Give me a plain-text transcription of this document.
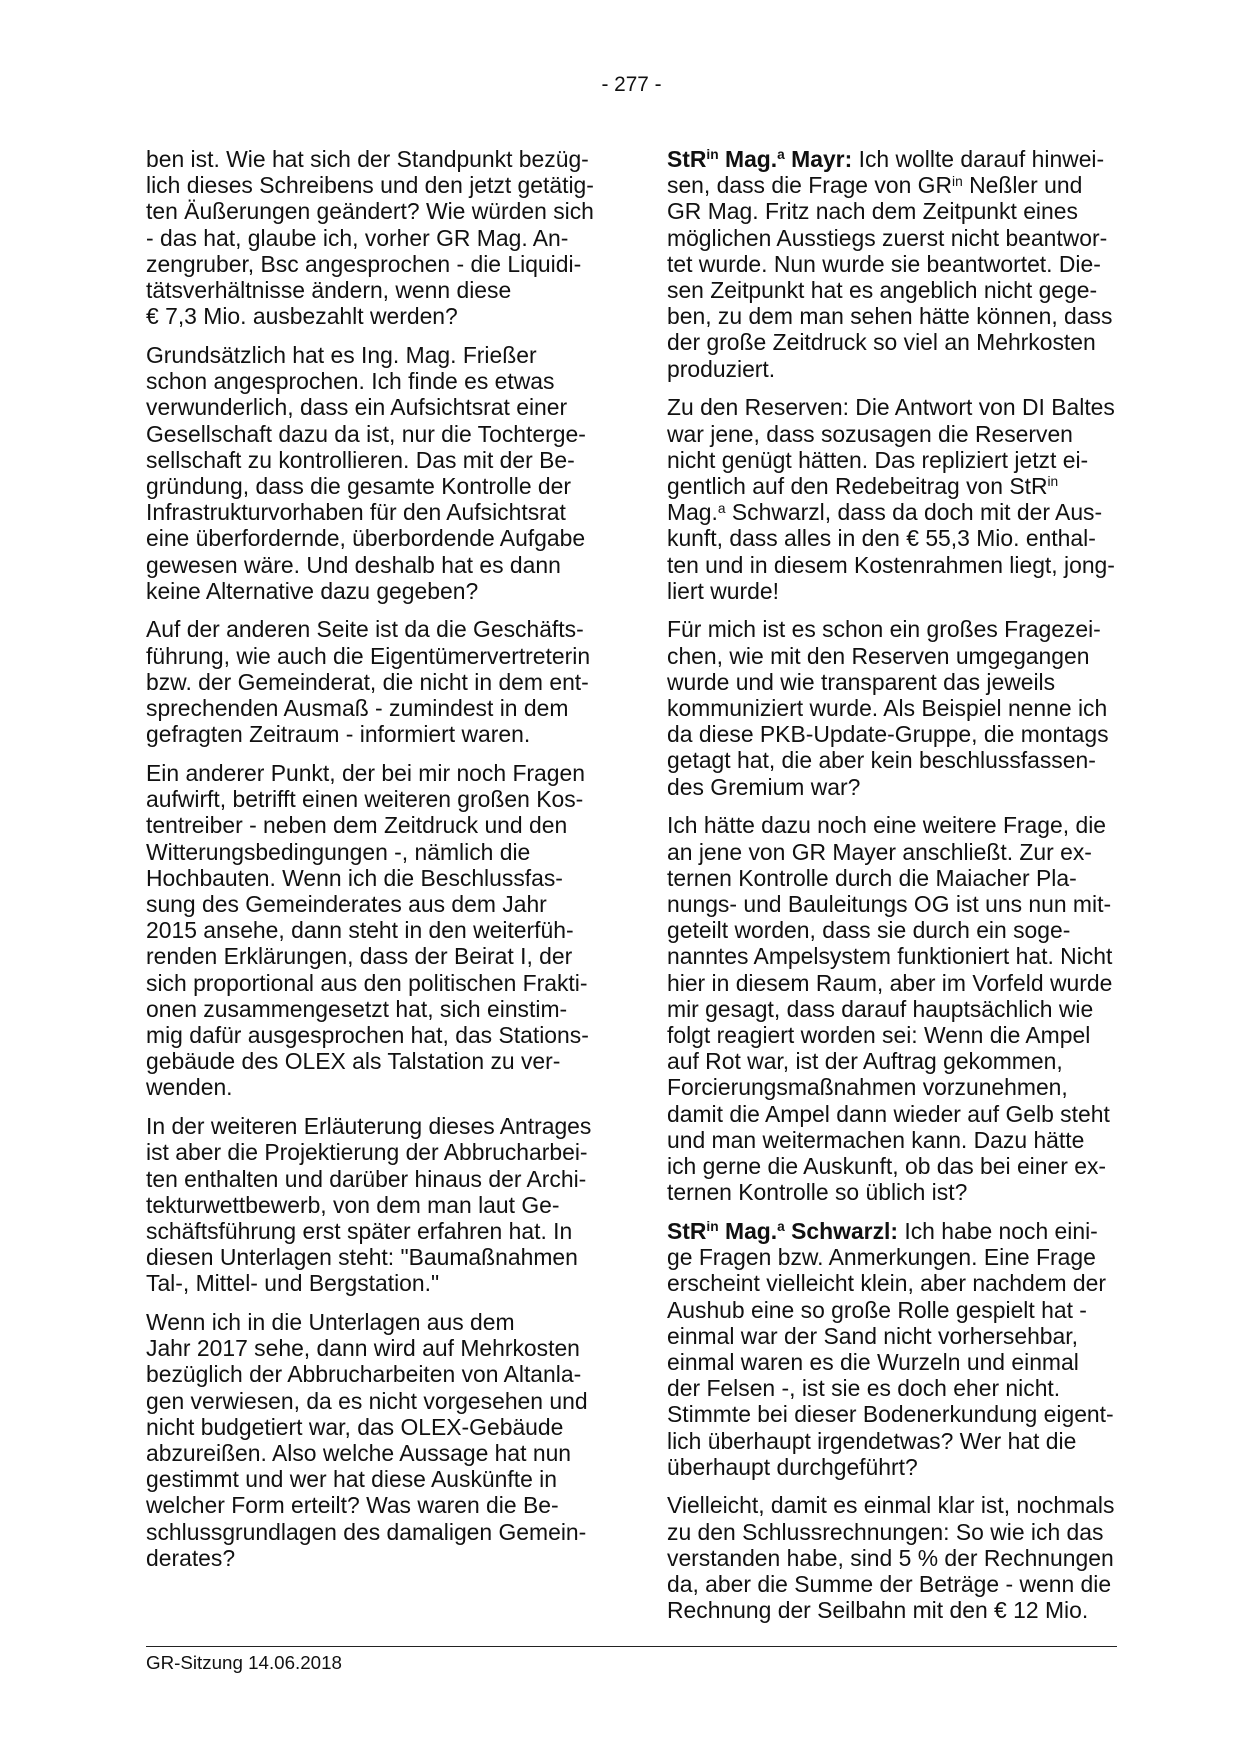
- 277 -

ben ist. Wie hat sich der Standpunkt bezüg-
lich dieses Schreibens und den jetzt getätig-
ten Äußerungen geändert? Wie würden sich
- das hat, glaube ich, vorher GR Mag. An-
zengruber, Bsc angesprochen - die Liquidi-
tätsverhältnisse ändern, wenn diese
€ 7,3 Mio. ausbezahlt werden?

Grundsätzlich hat es Ing. Mag. Frießer
schon angesprochen. Ich finde es etwas
verwunderlich, dass ein Aufsichtsrat einer
Gesellschaft dazu da ist, nur die Tochterge-
sellschaft zu kontrollieren. Das mit der Be-
gründung, dass die gesamte Kontrolle der
Infrastrukturvorhaben für den Aufsichtsrat
eine überfordernde, überbordende Aufgabe
gewesen wäre. Und deshalb hat es dann
keine Alternative dazu gegeben?

Auf der anderen Seite ist da die Geschäfts-
führung, wie auch die Eigentümervertreterin
bzw. der Gemeinderat, die nicht in dem ent-
sprechenden Ausmaß - zumindest in dem
gefragten Zeitraum - informiert waren.

Ein anderer Punkt, der bei mir noch Fragen
aufwirft, betrifft einen weiteren großen Kos-
tentreiber - neben dem Zeitdruck und den
Witterungsbedingungen -, nämlich die
Hochbauten. Wenn ich die Beschlussfas-
sung des Gemeinderates aus dem Jahr
2015 ansehe, dann steht in den weiterfüh-
renden Erklärungen, dass der Beirat I, der
sich proportional aus den politischen Frakti-
onen zusammengesetzt hat, sich einstim-
mig dafür ausgesprochen hat, das Stations-
gebäude des OLEX als Talstation zu ver-
wenden.

In der weiteren Erläuterung dieses Antrages
ist aber die Projektierung der Abbrucharbei-
ten enthalten und darüber hinaus der Archi-
tekturwettbewerb, von dem man laut Ge-
schäftsführung erst später erfahren hat. In
diesen Unterlagen steht: "Baumaßnahmen
Tal-, Mittel- und Bergstation."

Wenn ich in die Unterlagen aus dem
Jahr 2017 sehe, dann wird auf Mehrkosten
bezüglich der Abbrucharbeiten von Altanla-
gen verwiesen, da es nicht vorgesehen und
nicht budgetiert war, das OLEX-Gebäude
abzureißen. Also welche Aussage hat nun
gestimmt und wer hat diese Auskünfte in
welcher Form erteilt? Was waren die Be-
schlussgrundlagen des damaligen Gemein-
derates?

StR$^{in}$ Mag.$^a$ Mayr: Ich wollte darauf hinwei-
sen, dass die Frage von $GR^{in}$ Neßler und
GR Mag. Fritz nach dem Zeitpunkt eines
möglichen Ausstiegs zuerst nicht beantwor-
tet wurde. Nun wurde sie beantwortet. Die-
sen Zeitpunkt hat es angeblich nicht gege-
ben, zu dem man sehen hätte können, dass
der große Zeitdruck so viel an Mehrkosten
produziert.

Zu den Reserven: Die Antwort von DI Baltes
war jene, dass sozusagen die Reserven
nicht genügt hätten. Das repliziert jetzt ei-
gentlich auf den Redebeitrag von StR$^{in}$
Mag.$^a$ Schwarzl, dass da doch mit der Aus-
kunft, dass alles in den € 55,3 Mio. enthal-
ten und in diesem Kostenrahmen liegt, jong-
liert wurde!

Für mich ist es schon ein großes Fragezei-
chen, wie mit den Reserven umgegangen
wurde und wie transparent das jeweils
kommuniziert wurde. Als Beispiel nenne ich
da diese PKB-Update-Gruppe, die montags
getagt hat, die aber kein beschlussfassen-
des Gremium war?

Ich hätte dazu noch eine weitere Frage, die
an jene von GR Mayer anschließt. Zur ex-
ternen Kontrolle durch die Maiacher Pla-
nungs- und Bauleitungs OG ist uns nun mit-
geteilt worden, dass sie durch ein soge-
nanntes Ampelsystem funktioniert hat. Nicht
hier in diesem Raum, aber im Vorfeld wurde
mir gesagt, dass darauf hauptsächlich wie
folgt reagiert worden sei: Wenn die Ampel
auf Rot war, ist der Auftrag gekommen,
Forcierungsmaßnahmen vorzunehmen,
damit die Ampel dann wieder auf Gelb steht
und man weitermachen kann. Dazu hätte
ich gerne die Auskunft, ob das bei einer ex-
ternen Kontrolle so üblich ist?

StR$^{in}$ Mag.$^a$ Schwarzl: Ich habe noch eini-
ge Fragen bzw. Anmerkungen. Eine Frage
erscheint vielleicht klein, aber nachdem der
Aushub eine so große Rolle gespielt hat -
einmal war der Sand nicht vorhersehbar,
einmal waren es die Wurzeln und einmal
der Felsen -, ist sie es doch eher nicht.
Stimmte bei dieser Bodenerkundung eigent-
lich überhaupt irgendetwas? Wer hat die
überhaupt durchgeführt?

Vielleicht, damit es einmal klar ist, nochmals
zu den Schlussrechnungen: So wie ich das
verstanden habe, sind 5 % der Rechnungen
da, aber die Summe der Beträge - wenn die
Rechnung der Seilbahn mit den € 12 Mio.

GR-Sitzung 14.06.2018
